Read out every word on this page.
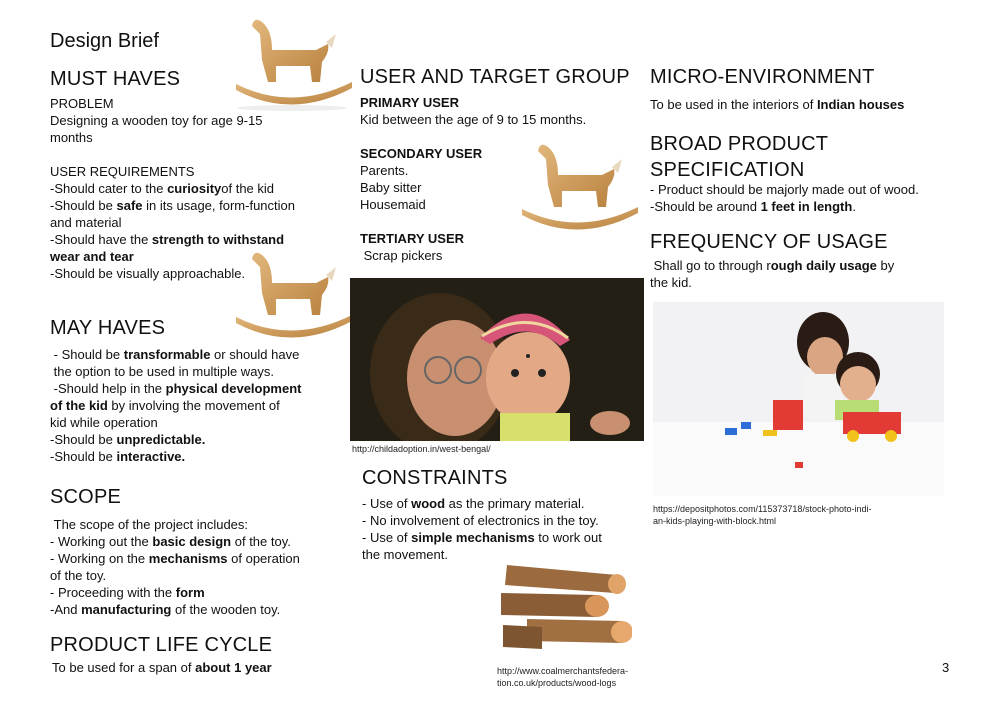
Design Brief
MUST HAVES
PROBLEM
Designing a wooden toy for age 9-15 months
USER REQUIREMENTS
-Should cater to the curiosityof the kid
-Should be safe in its usage, form-function
and material
-Should have the strength to withstand
wear and tear
-Should be visually approachable.
MAY HAVES
- Should be transformable or should have
the option to be used in multiple ways.
-Should help in the physical development
of the kid by involving the movement of
kid while operation
-Should be unpredictable.
-Should be interactive.
SCOPE
The scope of the project includes:
- Working out the basic design of the toy.
- Working on the mechanisms of operation
of the toy.
- Proceeding with the form
-And manufacturing of the wooden toy.
PRODUCT LIFE CYCLE
To be used for a span of about 1 year
USER AND TARGET GROUP
PRIMARY USER
Kid between the age of 9 to 15 months.
SECONDARY USER
Parents.
Baby sitter
Housemaid
TERTIARY USER
Scrap pickers
http://childadoption.in/west-bengal/
CONSTRAINTS
- Use of wood as the primary material.
- No involvement of electronics in the toy.
- Use of simple mechanisms to work out
the movement.
http://www.coalmerchantsfedera-
tion.co.uk/products/wood-logs
MICRO-ENVIRONMENT
To be used in the interiors of Indian houses
BROAD PRODUCT
SPECIFICATION
- Product should be majorly made out of wood.
-Should be around 1 feet in length.
FREQUENCY OF USAGE
Shall go to through rough daily usage by
the kid.
https://depositphotos.com/115373718/stock-photo-indi-
an-kids-playing-with-block.html
3
